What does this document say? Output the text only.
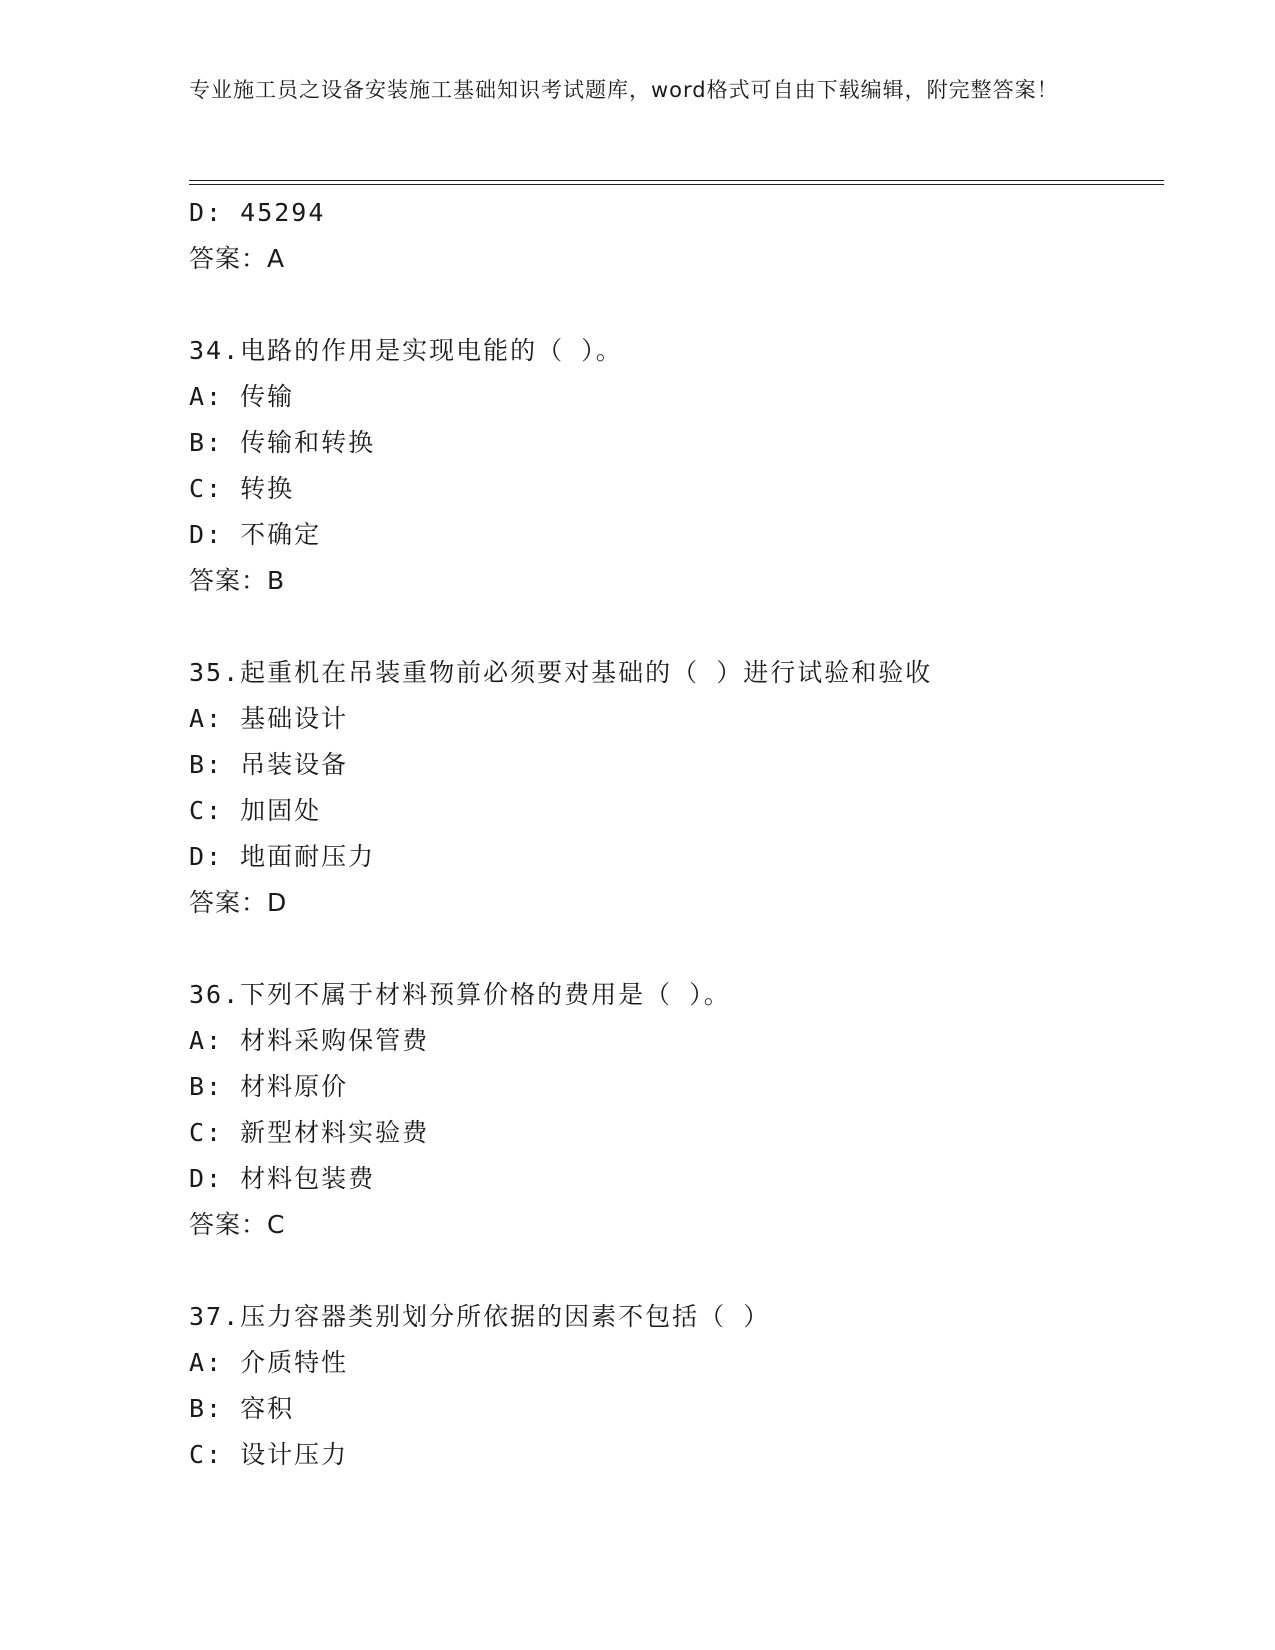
专业施工员之设备安装施工基础知识考试题库，word格式可自由下载编辑，附完整答案！
D: 45294
答案：A
34.电路的作用是实现电能的（ ）。
A: 传输
B: 传输和转换
C: 转换
D: 不确定
答案：B
35.起重机在吊装重物前必须要对基础的（ ）进行试验和验收
A: 基础设计
B: 吊装设备
C: 加固处
D: 地面耐压力
答案：D
36.下列不属于材料预算价格的费用是（ ）。
A: 材料采购保管费
B: 材料原价
C: 新型材料实验费
D: 材料包装费
答案：C
37.压力容器类别划分所依据的因素不包括（ ）
A: 介质特性
B: 容积
C: 设计压力
